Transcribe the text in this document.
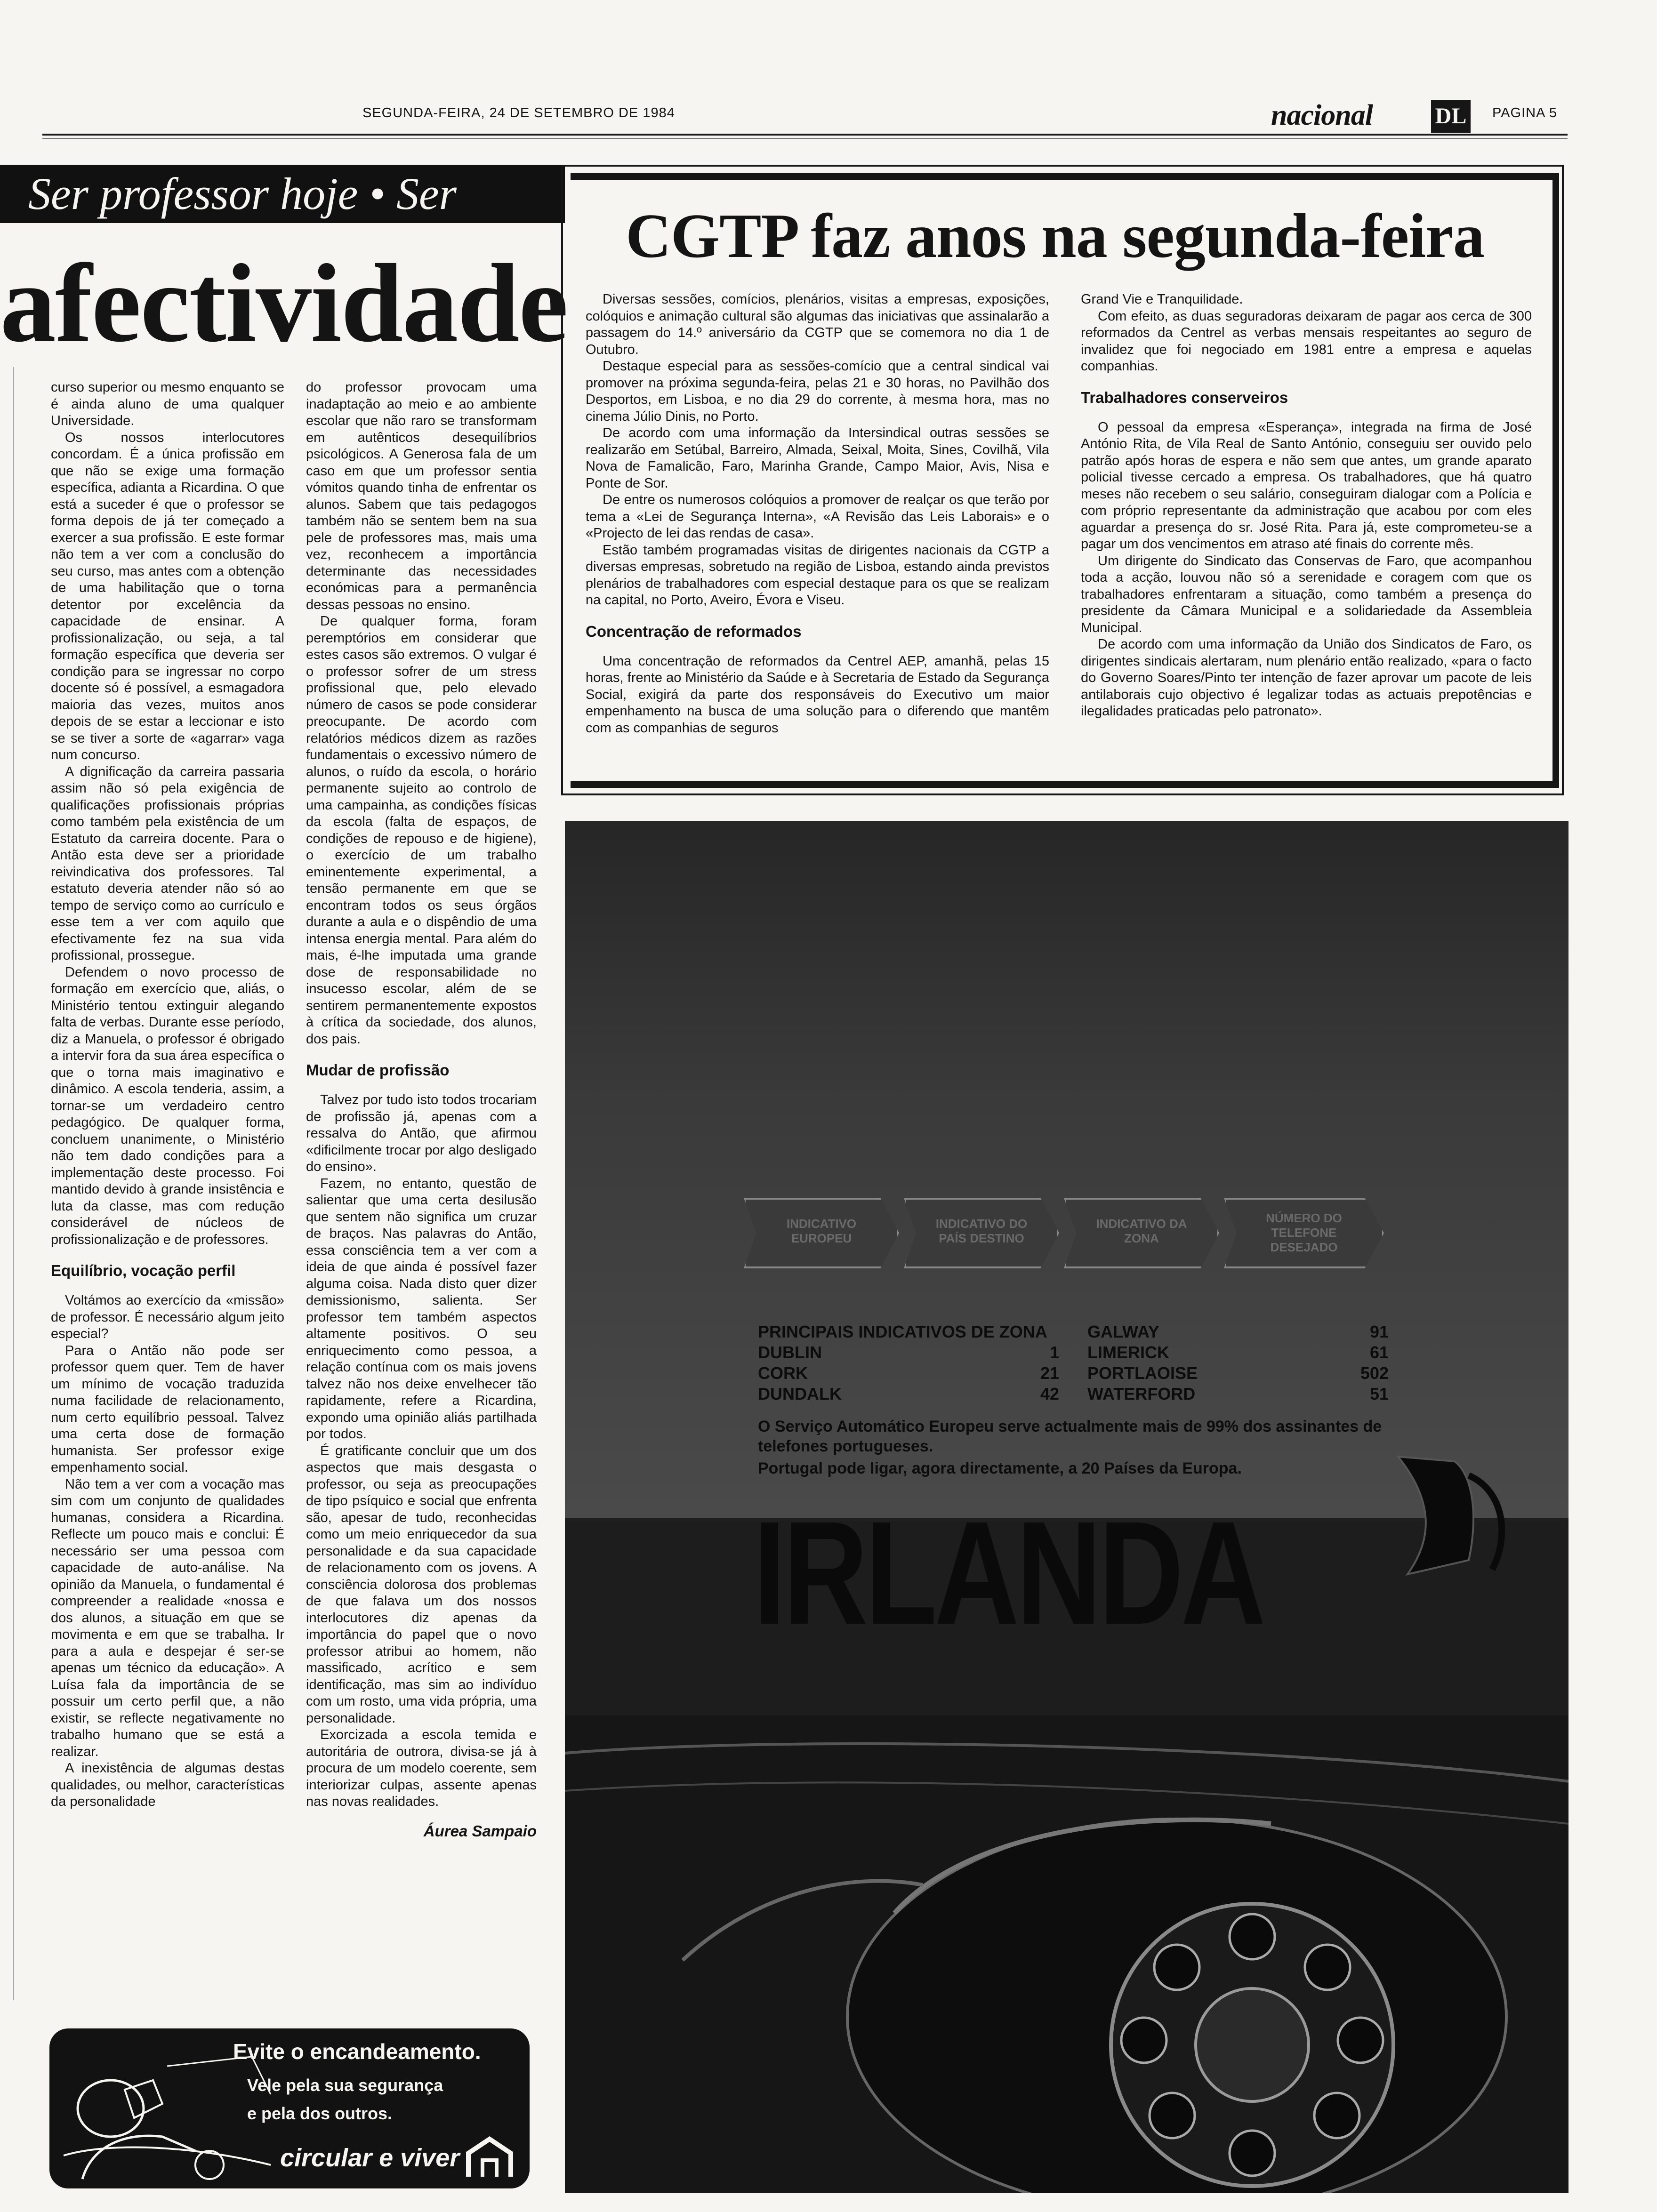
SEGUNDA-FEIRA, 24 DE SETEMBRO DE 1984	nacional	DL PAGINA 5
Ser professor hoje • Ser
afectividade

curso superior ou mesmo enquanto se é ainda aluno de uma qualquer Universidade.

Os nossos interlocutores concordam. É a única profissão em que não se exige uma formação específica, adianta a Ricardina. O que está a suceder é que o professor se forma depois de já ter começado a exercer a sua profissão. E este formar não tem a ver com a conclusão do seu curso, mas antes com a obtenção de uma habilitação que o torna detentor por excelência da capacidade de ensinar. A profissionalização, ou seja, a tal formação específica que deveria ser condição para se ingressar no corpo docente só é possível, a esmagadora maioria das vezes, muitos anos depois de se estar a leccionar e isto se se tiver a sorte de «agarrar» vaga num concurso.

A dignificação da carreira passaria assim não só pela exigência de qualificações profissionais próprias como também pela existência de um Estatuto da carreira docente. Para o Antão esta deve ser a prioridade reivindicativa dos professores. Tal estatuto deveria atender não só ao tempo de serviço como ao currículo e esse tem a ver com aquilo que efectivamente fez na sua vida profissional, prossegue.

Defendem o novo processo de formação em exercício que, aliás, o Ministério tentou extinguir alegando falta de verbas. Durante esse período, diz a Manuela, o professor é obrigado a intervir fora da sua área específica o que o torna mais imaginativo e dinâmico. A escola tenderia, assim, a tornar-se um verdadeiro centro pedagógico. De qualquer forma, concluem unanimente, o Ministério não tem dado condições para a implementação deste processo. Foi mantido devido à grande insistência e luta da classe, mas com redução considerável de núcleos de profissionalização e de professores.

Equilíbrio, vocação perfil

Voltámos ao exercício da «missão» de professor. É necessário algum jeito especial?

Para o Antão não pode ser professor quem quer. Tem de haver um mínimo de vocação traduzida numa facilidade de relacionamento, num certo equilíbrio pessoal. Talvez uma certa dose de formação humanista. Ser professor exige empenhamento social.

Não tem a ver com a vocação mas sim com um conjunto de qualidades humanas, considera a Ricardina. Reflecte um pouco mais e conclui: É necessário ser uma pessoa com capacidade de auto-análise. Na opinião da Manuela, o fundamental é compreender a realidade «nossa e dos alunos, a situação em que se movimenta e em que se trabalha. Ir para a aula e despejar é ser-se apenas um técnico da educação». A Luísa fala da importância de se possuir um certo perfil que, a não existir, se reflecte negativamente no trabalho humano que se está a realizar.

A inexistência de algumas destas qualidades, ou melhor, características da personalidade

do professor provocam uma inadaptação ao meio e ao ambiente escolar que não raro se transformam em autênticos desequilíbrios psicológicos. A Generosa fala de um caso em que um professor sentia vómitos quando tinha de enfrentar os alunos. Sabem que tais pedagogos também não se sentem bem na sua pele de professores mas, mais uma vez, reconhecem a importância determinante das necessidades económicas para a permanência dessas pessoas no ensino.

De qualquer forma, foram peremptórios em considerar que estes casos são extremos. O vulgar é o professor sofrer de um stress profissional que, pelo elevado número de casos se pode considerar preocupante. De acordo com relatórios médicos dizem as razões fundamentais o excessivo número de alunos, o ruído da escola, o horário permanente sujeito ao controlo de uma campainha, as condições físicas da escola (falta de espaços, de condições de repouso e de higiene), o exercício de um trabalho eminentemente experimental, a tensão permanente em que se encontram todos os seus órgãos durante a aula e o dispêndio de uma intensa energia mental. Para além do mais, é-lhe imputada uma grande dose de responsabilidade no insucesso escolar, além de se sentirem permanentemente expostos à crítica da sociedade, dos alunos, dos pais.

Mudar de profissão

Talvez por tudo isto todos trocariam de profissão já, apenas com a ressalva do Antão, que afirmou «dificilmente trocar por algo desligado do ensino».

Fazem, no entanto, questão de salientar que uma certa desilusão que sentem não significa um cruzar de braços. Nas palavras do Antão, essa consciência tem a ver com a ideia de que ainda é possível fazer alguma coisa. Nada disto quer dizer demissionismo, salienta. Ser professor tem também aspectos altamente positivos. O seu enriquecimento como pessoa, a relação contínua com os mais jovens talvez não nos deixe envelhecer tão rapidamente, refere a Ricardina, expondo uma opinião aliás partilhada por todos.

É gratificante concluir que um dos aspectos que mais desgasta o professor, ou seja as preocupações de tipo psíquico e social que enfrenta são, apesar de tudo, reconhecidas como um meio enriquecedor da sua personalidade e da sua capacidade de relacionamento com os jovens. A consciência dolorosa dos problemas de que falava um dos nossos interlocutores diz apenas da importância do papel que o novo professor atribui ao homem, não massificado, acrítico e sem identificação, mas sim ao indivíduo com um rosto, uma vida própria, uma personalidade.

Exorcizada a escola temida e autoritária de outrora, divisa-se já à procura de um modelo coerente, sem interiorizar culpas, assente apenas nas novas realidades.

Áurea Sampaio
Evite o encandeamento.
Vele pela sua segurança
e pela dos outros.
circular e viver
CGTP faz anos na segunda-feira

Diversas sessões, comícios, plenários, visitas a empresas, exposições, colóquios e animação cultural são algumas das iniciativas que assinalarão a passagem do 14.º aniversário da CGTP que se comemora no dia 1 de Outubro.

Destaque especial para as sessões-comício que a central sindical vai promover na próxima segunda-feira, pelas 21 e 30 horas, no Pavilhão dos Desportos, em Lisboa, e no dia 29 do corrente, à mesma hora, mas no cinema Júlio Dinis, no Porto.

De acordo com uma informação da Intersindical outras sessões se realizarão em Setúbal, Barreiro, Almada, Seixal, Moita, Sines, Covilhã, Vila Nova de Famalicão, Faro, Marinha Grande, Campo Maior, Avis, Nisa e Ponte de Sor.

De entre os numerosos colóquios a promover de realçar os que terão por tema a «Lei de Segurança Interna», «A Revisão das Leis Laborais» e o «Projecto de lei das rendas de casa».

Estão também programadas visitas de dirigentes nacionais da CGTP a diversas empresas, sobretudo na região de Lisboa, estando ainda previstos plenários de trabalhadores com especial destaque para os que se realizam na capital, no Porto, Aveiro, Évora e Viseu.

Concentração de reformados

Uma concentração de reformados da Centrel AEP, amanhã, pelas 15 horas, frente ao Ministério da Saúde e à Secretaria de Estado da Segurança Social, exigirá da parte dos responsáveis do Executivo um maior empenhamento na busca de uma solução para o diferendo que mantêm com as companhias de seguros

Grand Vie e Tranquilidade.

Com efeito, as duas seguradoras deixaram de pagar aos cerca de 300 reformados da Centrel as verbas mensais respeitantes ao seguro de invalidez que foi negociado em 1981 entre a empresa e aquelas companhias.

Trabalhadores conserveiros

O pessoal da empresa «Esperança», integrada na firma de José António Rita, de Vila Real de Santo António, conseguiu ser ouvido pelo patrão após horas de espera e não sem que antes, um grande aparato policial tivesse cercado a empresa. Os trabalhadores, que há quatro meses não recebem o seu salário, conseguiram dialogar com a Polícia e com próprio representante da administração que acabou por com eles aguardar a presença do sr. José Rita. Para já, este comprometeu-se a pagar um dos vencimentos em atraso até finais do corrente mês.

Um dirigente do Sindicato das Conservas de Faro, que acompanhou toda a acção, louvou não só a serenidade e coragem com que os trabalhadores enfrentaram a situação, como também a presença do presidente da Câmara Municipal e a solidariedade da Assembleia Municipal.

De acordo com uma informação da União dos Sindicatos de Faro, os dirigentes sindicais alertaram, num plenário então realizado, «para o facto do Governo Soares/Pinto ter intenção de fazer aprovar um pacote de leis antilaborais cujo objectivo é legalizar todas as actuais prepotências e ilegalidades praticadas pelo patronato».

INDICATIVO EUROPEU
INDICATIVO DO PAÍS DESTINO
INDICATIVO DA ZONA
NÚMERO DO TELEFONE DESEJADO
PRINCIPAIS INDICATIVOS DE ZONA
DUBLIN	1
CORK	21
DUNDALK	42
GALWAY	91
LIMERICK	61
PORTLAOISE	502
WATERFORD	51
O Serviço Automático Europeu serve actualmente mais de 99% dos assinantes de telefones portugueses.
Portugal pode ligar, agora directamente, a 20 Países da Europa.
IRLANDA
